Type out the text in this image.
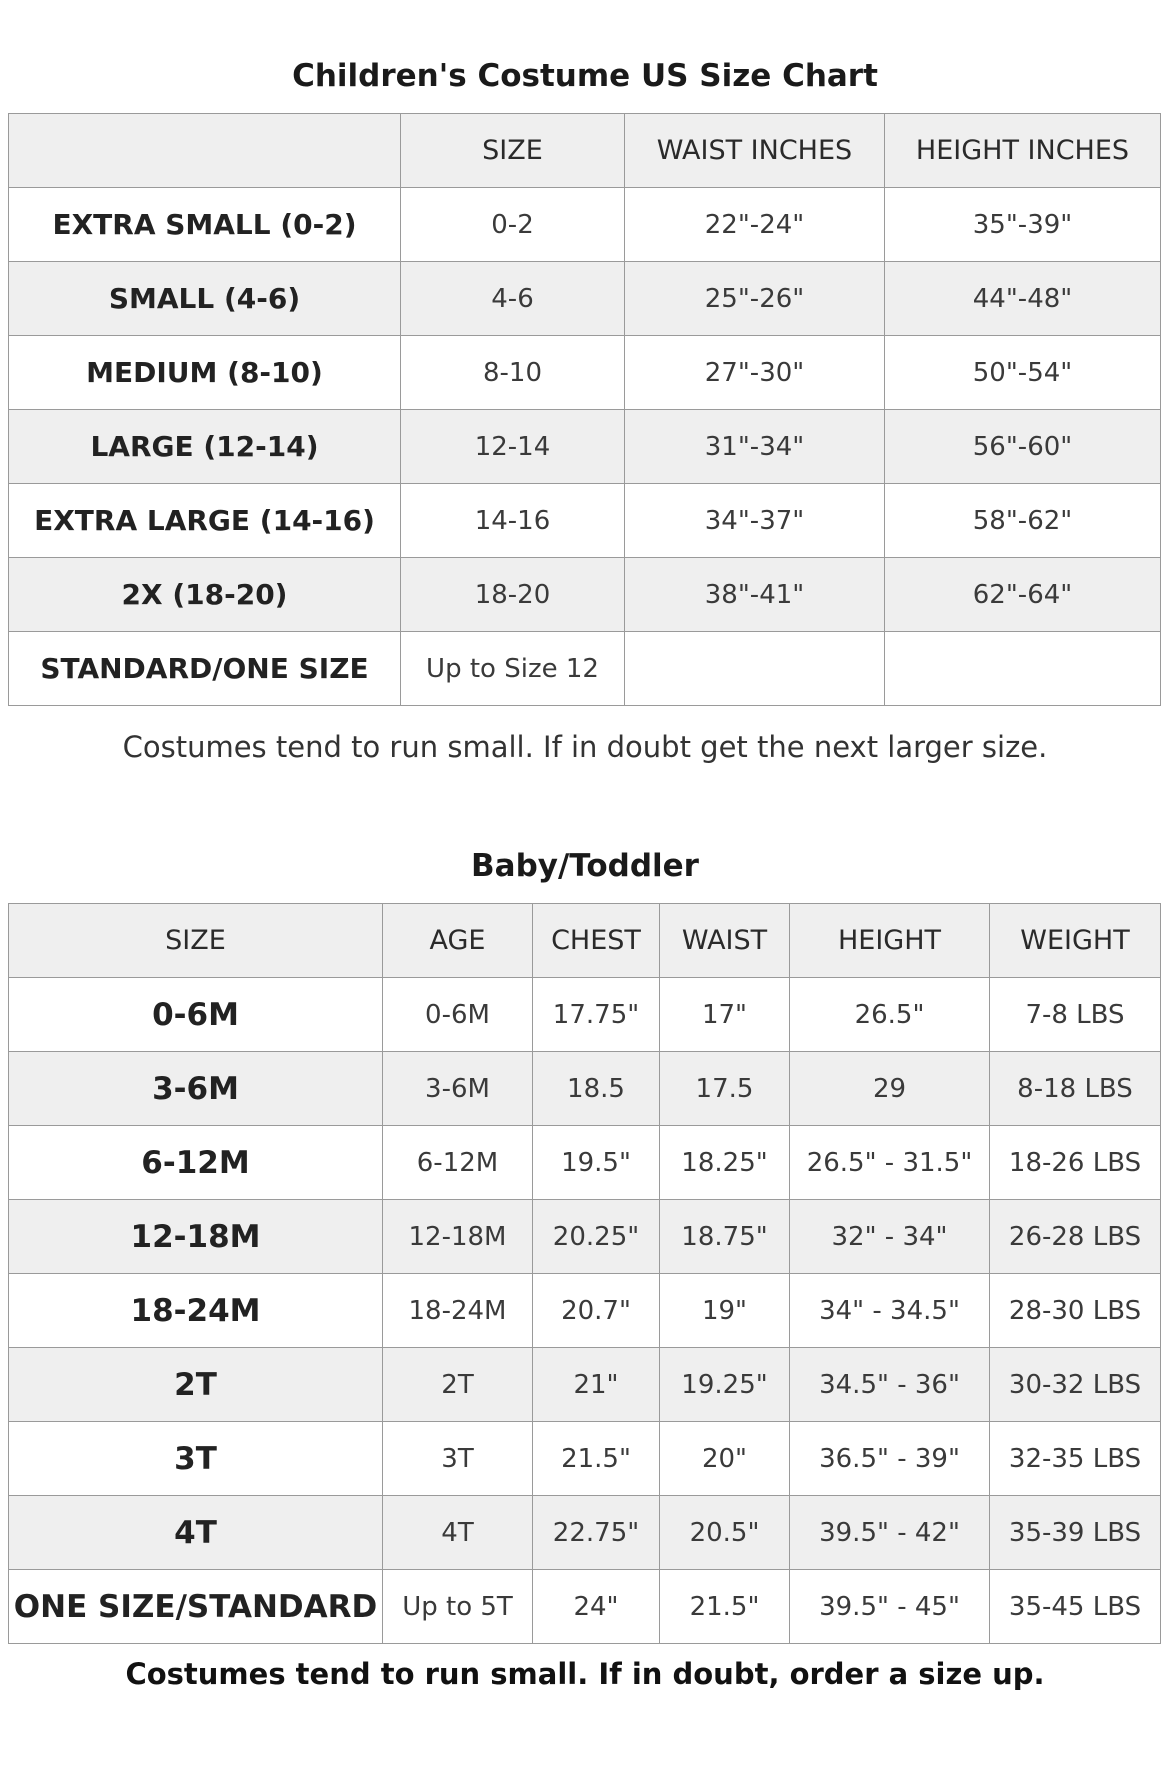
Children's Costume US Size Chart
	SIZE	WAIST INCHES	HEIGHT INCHES
EXTRA SMALL (0-2)	0-2	22"-24"	35"-39"
SMALL (4-6)	4-6	25"-26"	44"-48"
MEDIUM (8-10)	8-10	27"-30"	50"-54"
LARGE (12-14)	12-14	31"-34"	56"-60"
EXTRA LARGE (14-16)	14-16	34"-37"	58"-62"
2X (18-20)	18-20	38"-41"	62"-64"
STANDARD/ONE SIZE	Up to Size 12		
Costumes tend to run small. If in doubt get the next larger size.
Baby/Toddler
SIZE	AGE	CHEST	WAIST	HEIGHT	WEIGHT
0-6M	0-6M	17.75"	17"	26.5"	7-8 LBS
3-6M	3-6M	18.5	17.5	29	8-18 LBS
6-12M	6-12M	19.5"	18.25"	26.5" - 31.5"	18-26 LBS
12-18M	12-18M	20.25"	18.75"	32" - 34"	26-28 LBS
18-24M	18-24M	20.7"	19"	34" - 34.5"	28-30 LBS
2T	2T	21"	19.25"	34.5" - 36"	30-32 LBS
3T	3T	21.5"	20"	36.5" - 39"	32-35 LBS
4T	4T	22.75"	20.5"	39.5" - 42"	35-39 LBS
ONE SIZE/STANDARD	Up to 5T	24"	21.5"	39.5" - 45"	35-45 LBS
Costumes tend to run small. If in doubt, order a size up.
